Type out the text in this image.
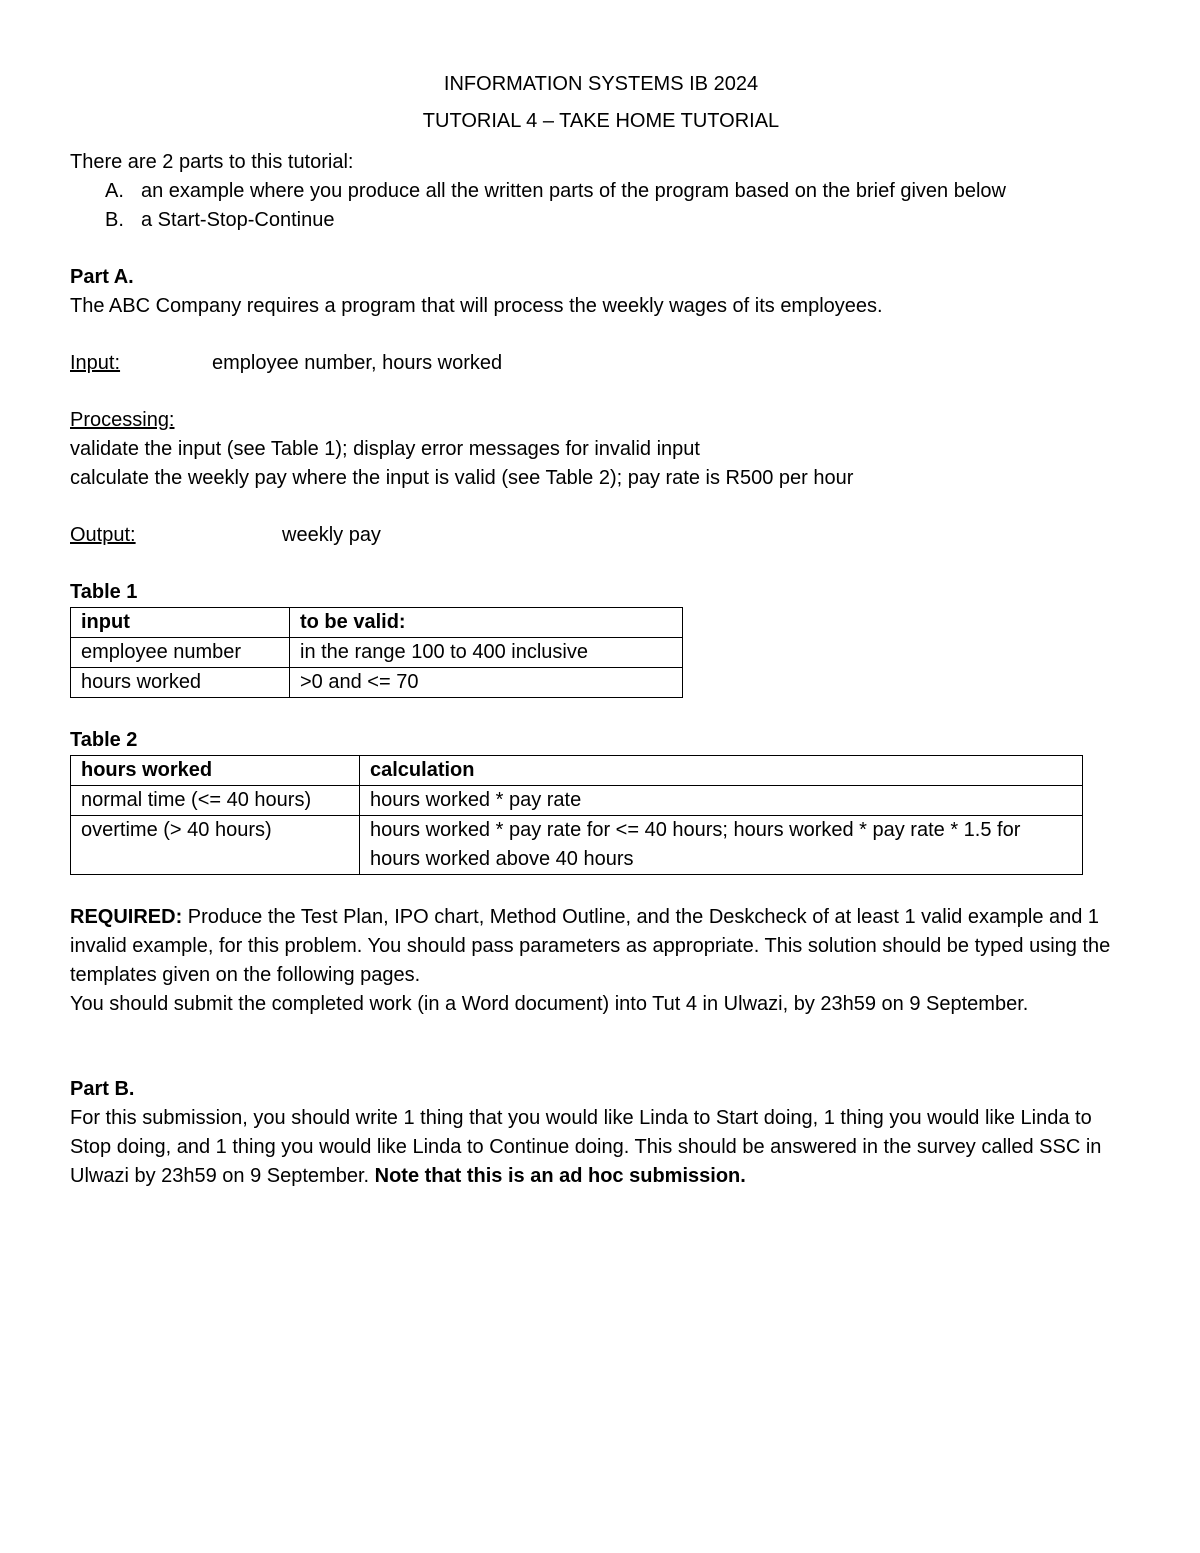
INFORMATION SYSTEMS IB 2024

TUTORIAL 4 – TAKE HOME TUTORIAL

There are 2 parts to this tutorial:

A. an example where you produce all the written parts of the program based on the brief given below
B. a Start-Stop-Continue

Part A.

The ABC Company requires a program that will process the weekly wages of its employees.

Input:	employee number, hours worked

Processing:

validate the input (see Table 1); display error messages for invalid input

calculate the weekly pay where the input is valid (see Table 2); pay rate is R500 per hour

Output:	weekly pay

Table 1

input	to be valid:
employee number	in the range 100 to 400 inclusive
hours worked	>0 and <= 70

Table 2

hours worked	calculation
normal time (<= 40 hours)	hours worked * pay rate
overtime (> 40 hours)	hours worked * pay rate for <= 40 hours; hours worked * pay rate * 1.5 for hours worked above 40 hours

REQUIRED: Produce the Test Plan, IPO chart, Method Outline, and the Deskcheck of at least 1 valid example and 1 invalid example, for this problem. You should pass parameters as appropriate. This solution should be typed using the templates given on the following pages.

You should submit the completed work (in a Word document) into Tut 4 in Ulwazi, by 23h59 on 9 September.

Part B.

For this submission, you should write 1 thing that you would like Linda to Start doing, 1 thing you would like Linda to Stop doing, and 1 thing you would like Linda to Continue doing. This should be answered in the survey called SSC in Ulwazi by 23h59 on 9 September. Note that this is an ad hoc submission.
